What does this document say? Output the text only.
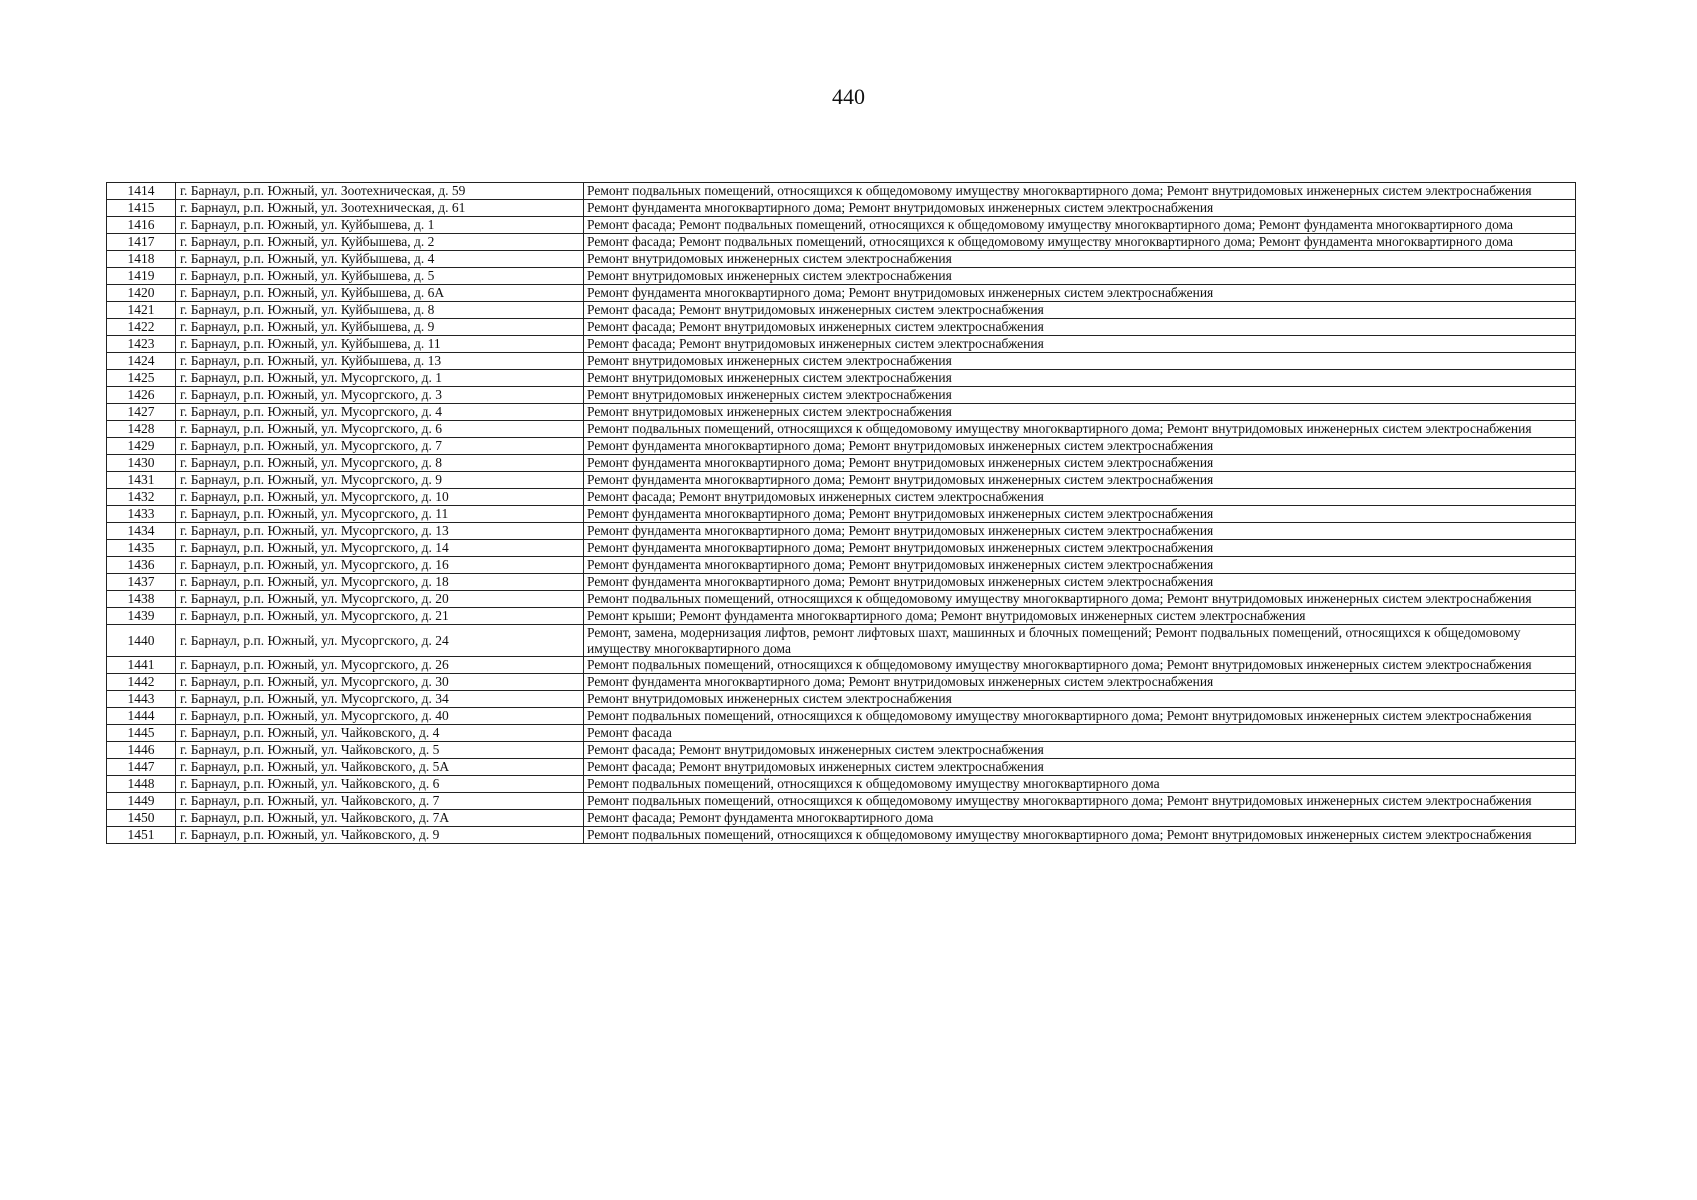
440
1414	г. Барнаул, р.п. Южный, ул. Зоотехническая, д. 59	Ремонт подвальных помещений, относящихся к общедомовому имуществу многоквартирного дома; Ремонт внутридомовых инженерных систем электроснабжения
1415	г. Барнаул, р.п. Южный, ул. Зоотехническая, д. 61	Ремонт фундамента многоквартирного дома; Ремонт внутридомовых инженерных систем электроснабжения
1416	г. Барнаул, р.п. Южный, ул. Куйбышева, д. 1	Ремонт фасада; Ремонт подвальных помещений, относящихся к общедомовому имуществу многоквартирного дома; Ремонт фундамента многоквартирного дома
1417	г. Барнаул, р.п. Южный, ул. Куйбышева, д. 2	Ремонт фасада; Ремонт подвальных помещений, относящихся к общедомовому имуществу многоквартирного дома; Ремонт фундамента многоквартирного дома
1418	г. Барнаул, р.п. Южный, ул. Куйбышева, д. 4	Ремонт внутридомовых инженерных систем электроснабжения
1419	г. Барнаул, р.п. Южный, ул. Куйбышева, д. 5	Ремонт внутридомовых инженерных систем электроснабжения
1420	г. Барнаул, р.п. Южный, ул. Куйбышева, д. 6А	Ремонт фундамента многоквартирного дома; Ремонт внутридомовых инженерных систем электроснабжения
1421	г. Барнаул, р.п. Южный, ул. Куйбышева, д. 8	Ремонт фасада; Ремонт внутридомовых инженерных систем электроснабжения
1422	г. Барнаул, р.п. Южный, ул. Куйбышева, д. 9	Ремонт фасада; Ремонт внутридомовых инженерных систем электроснабжения
1423	г. Барнаул, р.п. Южный, ул. Куйбышева, д. 11	Ремонт фасада; Ремонт внутридомовых инженерных систем электроснабжения
1424	г. Барнаул, р.п. Южный, ул. Куйбышева, д. 13	Ремонт внутридомовых инженерных систем электроснабжения
1425	г. Барнаул, р.п. Южный, ул. Мусоргского, д. 1	Ремонт внутридомовых инженерных систем электроснабжения
1426	г. Барнаул, р.п. Южный, ул. Мусоргского, д. 3	Ремонт внутридомовых инженерных систем электроснабжения
1427	г. Барнаул, р.п. Южный, ул. Мусоргского, д. 4	Ремонт внутридомовых инженерных систем электроснабжения
1428	г. Барнаул, р.п. Южный, ул. Мусоргского, д. 6	Ремонт подвальных помещений, относящихся к общедомовому имуществу многоквартирного дома; Ремонт внутридомовых инженерных систем электроснабжения
1429	г. Барнаул, р.п. Южный, ул. Мусоргского, д. 7	Ремонт фундамента многоквартирного дома; Ремонт внутридомовых инженерных систем электроснабжения
1430	г. Барнаул, р.п. Южный, ул. Мусоргского, д. 8	Ремонт фундамента многоквартирного дома; Ремонт внутридомовых инженерных систем электроснабжения
1431	г. Барнаул, р.п. Южный, ул. Мусоргского, д. 9	Ремонт фундамента многоквартирного дома; Ремонт внутридомовых инженерных систем электроснабжения
1432	г. Барнаул, р.п. Южный, ул. Мусоргского, д. 10	Ремонт фасада; Ремонт внутридомовых инженерных систем электроснабжения
1433	г. Барнаул, р.п. Южный, ул. Мусоргского, д. 11	Ремонт фундамента многоквартирного дома; Ремонт внутридомовых инженерных систем электроснабжения
1434	г. Барнаул, р.п. Южный, ул. Мусоргского, д. 13	Ремонт фундамента многоквартирного дома; Ремонт внутридомовых инженерных систем электроснабжения
1435	г. Барнаул, р.п. Южный, ул. Мусоргского, д. 14	Ремонт фундамента многоквартирного дома; Ремонт внутридомовых инженерных систем электроснабжения
1436	г. Барнаул, р.п. Южный, ул. Мусоргского, д. 16	Ремонт фундамента многоквартирного дома; Ремонт внутридомовых инженерных систем электроснабжения
1437	г. Барнаул, р.п. Южный, ул. Мусоргского, д. 18	Ремонт фундамента многоквартирного дома; Ремонт внутридомовых инженерных систем электроснабжения
1438	г. Барнаул, р.п. Южный, ул. Мусоргского, д. 20	Ремонт подвальных помещений, относящихся к общедомовому имуществу многоквартирного дома; Ремонт внутридомовых инженерных систем электроснабжения
1439	г. Барнаул, р.п. Южный, ул. Мусоргского, д. 21	Ремонт крыши; Ремонт фундамента многоквартирного дома; Ремонт внутридомовых инженерных систем электроснабжения
1440	г. Барнаул, р.п. Южный, ул. Мусоргского, д. 24	Ремонт, замена, модернизация лифтов, ремонт лифтовых шахт, машинных и блочных помещений; Ремонт подвальных помещений, относящихся к общедомовому имуществу многоквартирного дома
1441	г. Барнаул, р.п. Южный, ул. Мусоргского, д. 26	Ремонт подвальных помещений, относящихся к общедомовому имуществу многоквартирного дома; Ремонт внутридомовых инженерных систем электроснабжения
1442	г. Барнаул, р.п. Южный, ул. Мусоргского, д. 30	Ремонт фундамента многоквартирного дома; Ремонт внутридомовых инженерных систем электроснабжения
1443	г. Барнаул, р.п. Южный, ул. Мусоргского, д. 34	Ремонт внутридомовых инженерных систем электроснабжения
1444	г. Барнаул, р.п. Южный, ул. Мусоргского, д. 40	Ремонт подвальных помещений, относящихся к общедомовому имуществу многоквартирного дома; Ремонт внутридомовых инженерных систем электроснабжения
1445	г. Барнаул, р.п. Южный, ул. Чайковского, д. 4	Ремонт фасада
1446	г. Барнаул, р.п. Южный, ул. Чайковского, д. 5	Ремонт фасада; Ремонт внутридомовых инженерных систем электроснабжения
1447	г. Барнаул, р.п. Южный, ул. Чайковского, д. 5А	Ремонт фасада; Ремонт внутридомовых инженерных систем электроснабжения
1448	г. Барнаул, р.п. Южный, ул. Чайковского, д. 6	Ремонт подвальных помещений, относящихся к общедомовому имуществу многоквартирного дома
1449	г. Барнаул, р.п. Южный, ул. Чайковского, д. 7	Ремонт подвальных помещений, относящихся к общедомовому имуществу многоквартирного дома; Ремонт внутридомовых инженерных систем электроснабжения
1450	г. Барнаул, р.п. Южный, ул. Чайковского, д. 7А	Ремонт фасада; Ремонт фундамента многоквартирного дома
1451	г. Барнаул, р.п. Южный, ул. Чайковского, д. 9	Ремонт подвальных помещений, относящихся к общедомовому имуществу многоквартирного дома; Ремонт внутридомовых инженерных систем электроснабжения
